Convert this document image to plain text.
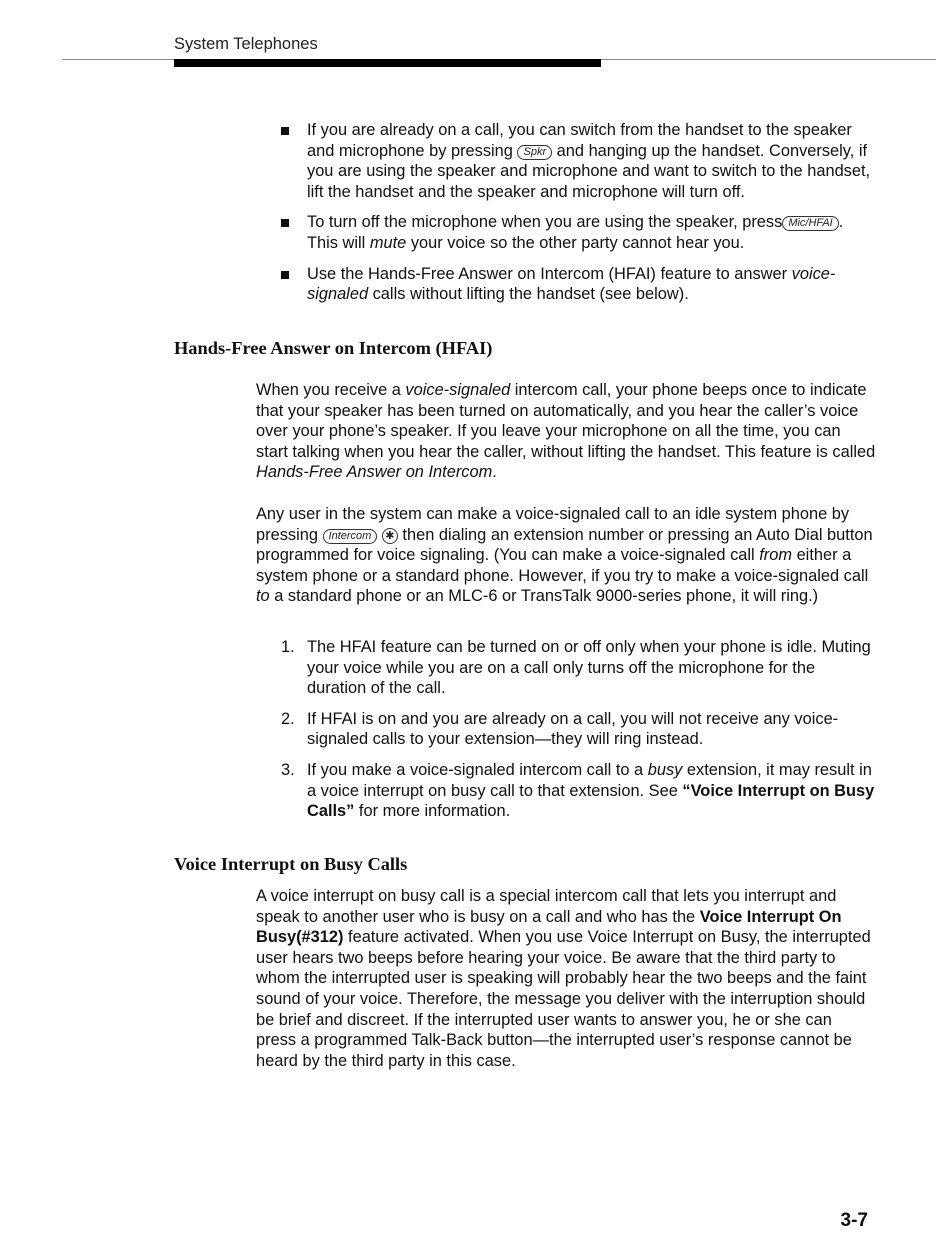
System Telephones
If you are already on a call, you can switch from the handset to the speaker and microphone by pressing Spkr and hanging up the handset. Conversely, if you are using the speaker and microphone and want to switch to the handset, lift the handset and the speaker and microphone will turn off.
To turn off the microphone when you are using the speaker, press Mic/HFAI . This will mute your voice so the other party cannot hear you.
Use the Hands-Free Answer on Intercom (HFAI) feature to answer voice-signaled calls without lifting the handset (see below).
Hands-Free Answer on Intercom (HFAI)

When you receive a voice-signaled intercom call, your phone beeps once to indicate that your speaker has been turned on automatically, and you hear the caller’s voice over your phone’s speaker. If you leave your microphone on all the time, you can start talking when you hear the caller, without lifting the handset. This feature is called Hands-Free Answer on Intercom.

Any user in the system can make a voice-signaled call to an idle system phone by pressing Intercom ✱ then dialing an extension number or pressing an Auto Dial button programmed for voice signaling. (You can make a voice-signaled call from either a system phone or a standard phone. However, if you try to make a voice-signaled call to a standard phone or an MLC-6 or TransTalk 9000-series phone, it will ring.)

1. The HFAI feature can be turned on or off only when your phone is idle. Muting your voice while you are on a call only turns off the microphone for the duration of the call.
2. If HFAI is on and you are already on a call, you will not receive any voice-signaled calls to your extension—they will ring instead.
3. If you make a voice-signaled intercom call to a busy extension, it may result in a voice interrupt on busy call to that extension. See “Voice Interrupt on Busy Calls” for more information.
Voice Interrupt on Busy Calls

A voice interrupt on busy call is a special intercom call that lets you interrupt and speak to another user who is busy on a call and who has the Voice Interrupt On Busy(#312) feature activated. When you use Voice Interrupt on Busy, the interrupted user hears two beeps before hearing your voice. Be aware that the third party to whom the interrupted user is speaking will probably hear the two beeps and the faint sound of your voice. Therefore, the message you deliver with the interruption should be brief and discreet. If the interrupted user wants to answer you, he or she can press a programmed Talk-Back button—the interrupted user’s response cannot be heard by the third party in this case.

3-7
